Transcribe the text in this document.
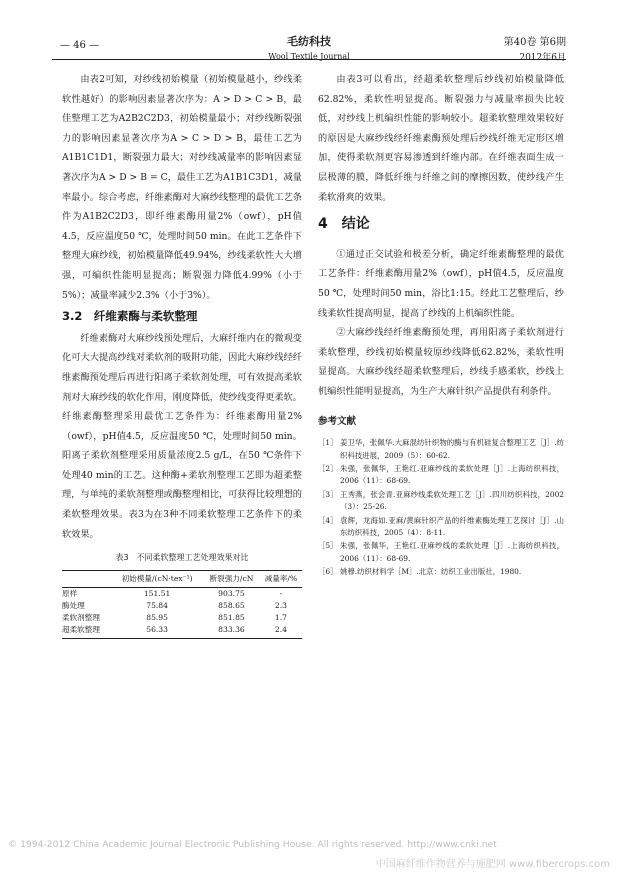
— 46 —	毛纺科技
Wool Textile Journal
第40卷 第6期
2012年6月

由表2可知，对纱线初始模量（初始模量越小，纱线柔软性越好）的影响因素显著次序为：A > D > C > B，最佳整理工艺为A2B2C2D3，初始模量最小；对纱线断裂强力的影响因素显著次序为A > C > D > B，最佳工艺为A1B1C1D1，断裂强力最大；对纱线减量率的影响因素显著次序为A > D > B = C，最佳工艺为A1B1C3D1，减量率最小。综合考虑，纤维素酶对大麻纱线整理的最优工艺条件为A1B2C2D3，即纤维素酶用量2%（owf），pH值4.5，反应温度50 ℃，处理时间50 min。在此工艺条件下整理大麻纱线，初始模量降低49.94%，纱线柔软性大大增强，可编织性能明显提高；断裂强力降低4.99%（小于5%）；减量率减少2.3%（小于3%）。

3.2　纤维素酶与柔软整理

纤维素酶对大麻纱线预处理后，大麻纤维内在的微观变化可大大提高纱线对柔软剂的吸附功能，因此大麻纱线经纤维素酶预处理后再进行阳离子柔软剂处理，可有效提高柔软剂对大麻纱线的软化作用，刚度降低，使纱线变得更柔软。纤维素酶整理采用最优工艺条件为：纤维素酶用量2%（owf），pH值4.5，反应温度50 ℃，处理时间50 min。阳离子柔软剂整理采用质量浓度2.5 g/L，在50 ℃条件下处理40 min的工艺。这种酶+柔软剂整理工艺即为超柔整理，与单纯的柔软剂整理或酶整理相比，可获得比较理想的柔软整理效果。表3为在3种不同柔软整理工艺条件下的柔软效果。

表3　不同柔软整理工艺处理效果对比
	初始模量/(cN·tex⁻¹)	断裂强力/cN	减量率/%
原样	151.51	903.75	-
酶处理	75.84	858.65	2.3
柔软剂整理	85.95	851.85	1.7
超柔软整理	56.33	833.36	2.4

由表3可以看出，经超柔软整理后纱线初始模量降低62.82%，柔软性明显提高。断裂强力与减量率损失比较低，对纱线上机编织性能的影响较小。超柔软整理效果较好的原因是大麻纱线经纤维素酶预处理后纱线纤维无定形区增加，使得柔软剂更容易渗透到纤维内部。在纤维表面生成一层极薄的膜，降低纤维与纤维之间的摩擦因数，使纱线产生柔软滑爽的效果。

4　结论

①通过正交试验和极差分析，确定纤维素酶整理的最优工艺条件：纤维素酶用量2%（owf），pH值4.5，反应温度50 ℃，处理时间50 min，浴比1:15。经此工艺整理后，纱线柔软性提高明显，提高了纱线的上机编织性能。

②大麻纱线经纤维素酶预处理，再用阳离子柔软剂进行柔软整理，纱线初始模量较原纱线降低62.82%，柔软性明显提高。大麻纱线经超柔软整理后，纱线手感柔软，纱线上机编织性能明显提高，为生产大麻针织产品提供有利条件。

参考文献
［1］ 姜卫华，张佩华.大麻混纺针织物的酶与有机硅复合整理工艺［J］.纺织科技进展，2009（5）：60-62.
［2］ 朱强，张佩华，王艳红.亚麻纱线的柔软处理［J］.上海纺织科技，2006（11）：68-69.
［3］ 王秀燕，张会青.亚麻纱线柔软处理工艺［J］.四川纺织科技，2002（3）：25-26.
［4］ 袁辉，龙海如.亚麻/黄麻针织产品的纤维素酶处理工艺探讨［J］.山东纺织科技，2005（4）：8-11.
［5］ 朱强，张佩华，王艳红.亚麻纱线的柔软处理［J］.上海纺织科技，2006（11）：68-69.
［6］ 姚穆.纺织材料学［M］.北京：纺织工业出版社，1980.
© 1994-2012 China Academic Journal Electronic Publishing House. All rights reserved. http://www.cnki.net
中国麻纤维作物营养与施肥网 www.fibercrops.com
